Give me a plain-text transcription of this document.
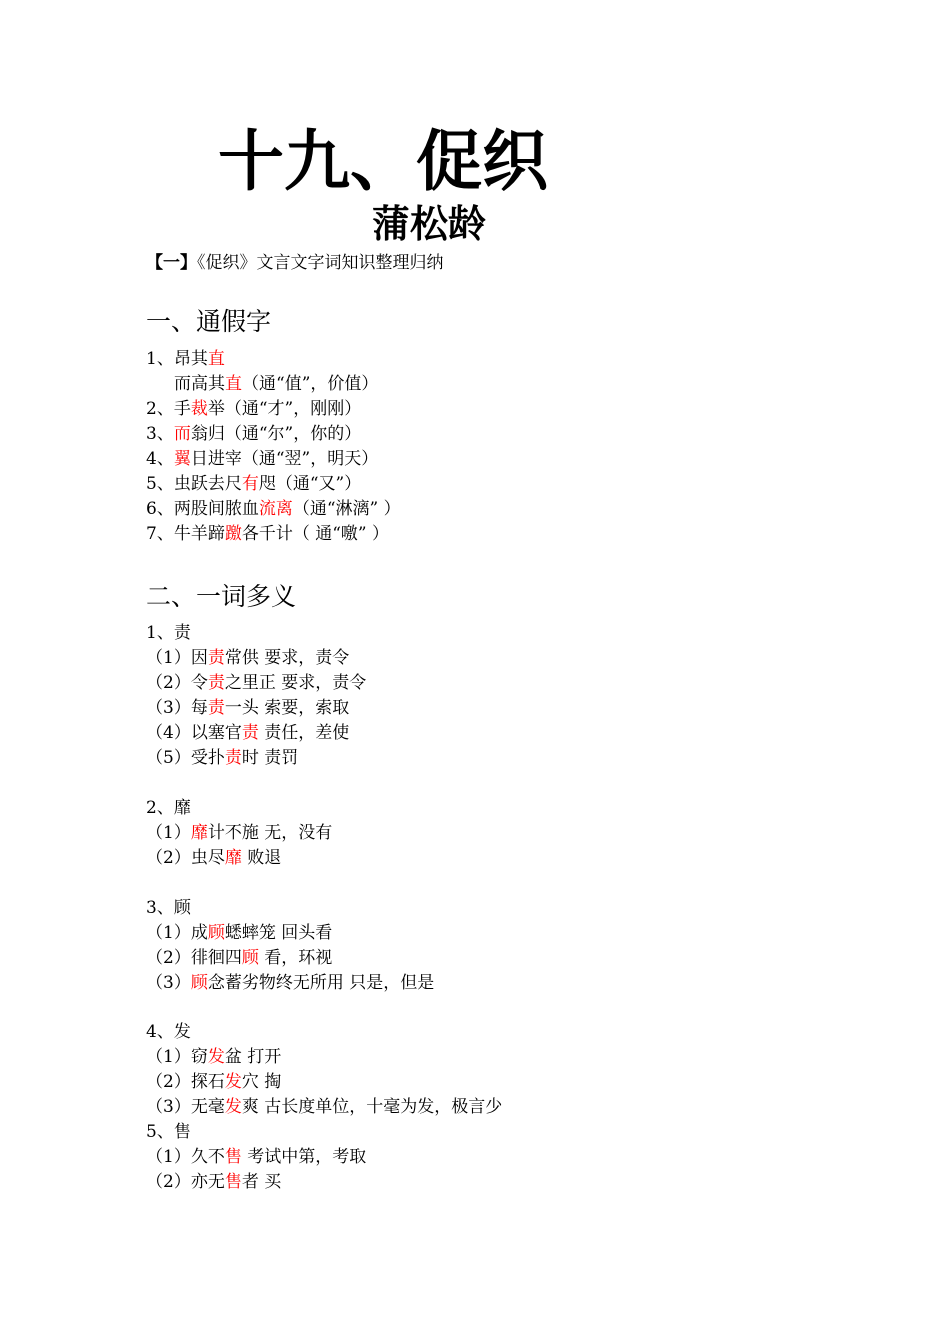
十九、促织
蒲松龄
【一】《促织》文言文字词知识整理归纳
一、通假字
1、昂其直
而高其直（通“值”，价值）
2、手裁举（通“才”，刚刚）
3、而翁归（通“尔”，你的）
4、翼日进宰（通“翌”，明天）
5、虫跃去尺有咫（通“又”）
6、两股间脓血流离（通“淋漓” ）
7、牛羊蹄躈各千计（ 通“噭” ）
二、一词多义
1、责
（1）因责常供 要求，责令
（2）令责之里正 要求，责令
（3）每责一头 索要，索取
（4）以塞官责 责任，差使
（5）受扑责时 责罚
2、靡
（1）靡计不施 无，没有
（2）虫尽靡 败退
3、顾
（1）成顾蟋蟀笼 回头看
（2）徘徊四顾 看，环视
（3）顾念蓄劣物终无所用 只是，但是
4、发
（1）窃发盆 打开
（2）探石发穴 掏
（3）无毫发爽 古长度单位，十毫为发，极言少
5、售
（1）久不售 考试中第，考取
（2）亦无售者 买
